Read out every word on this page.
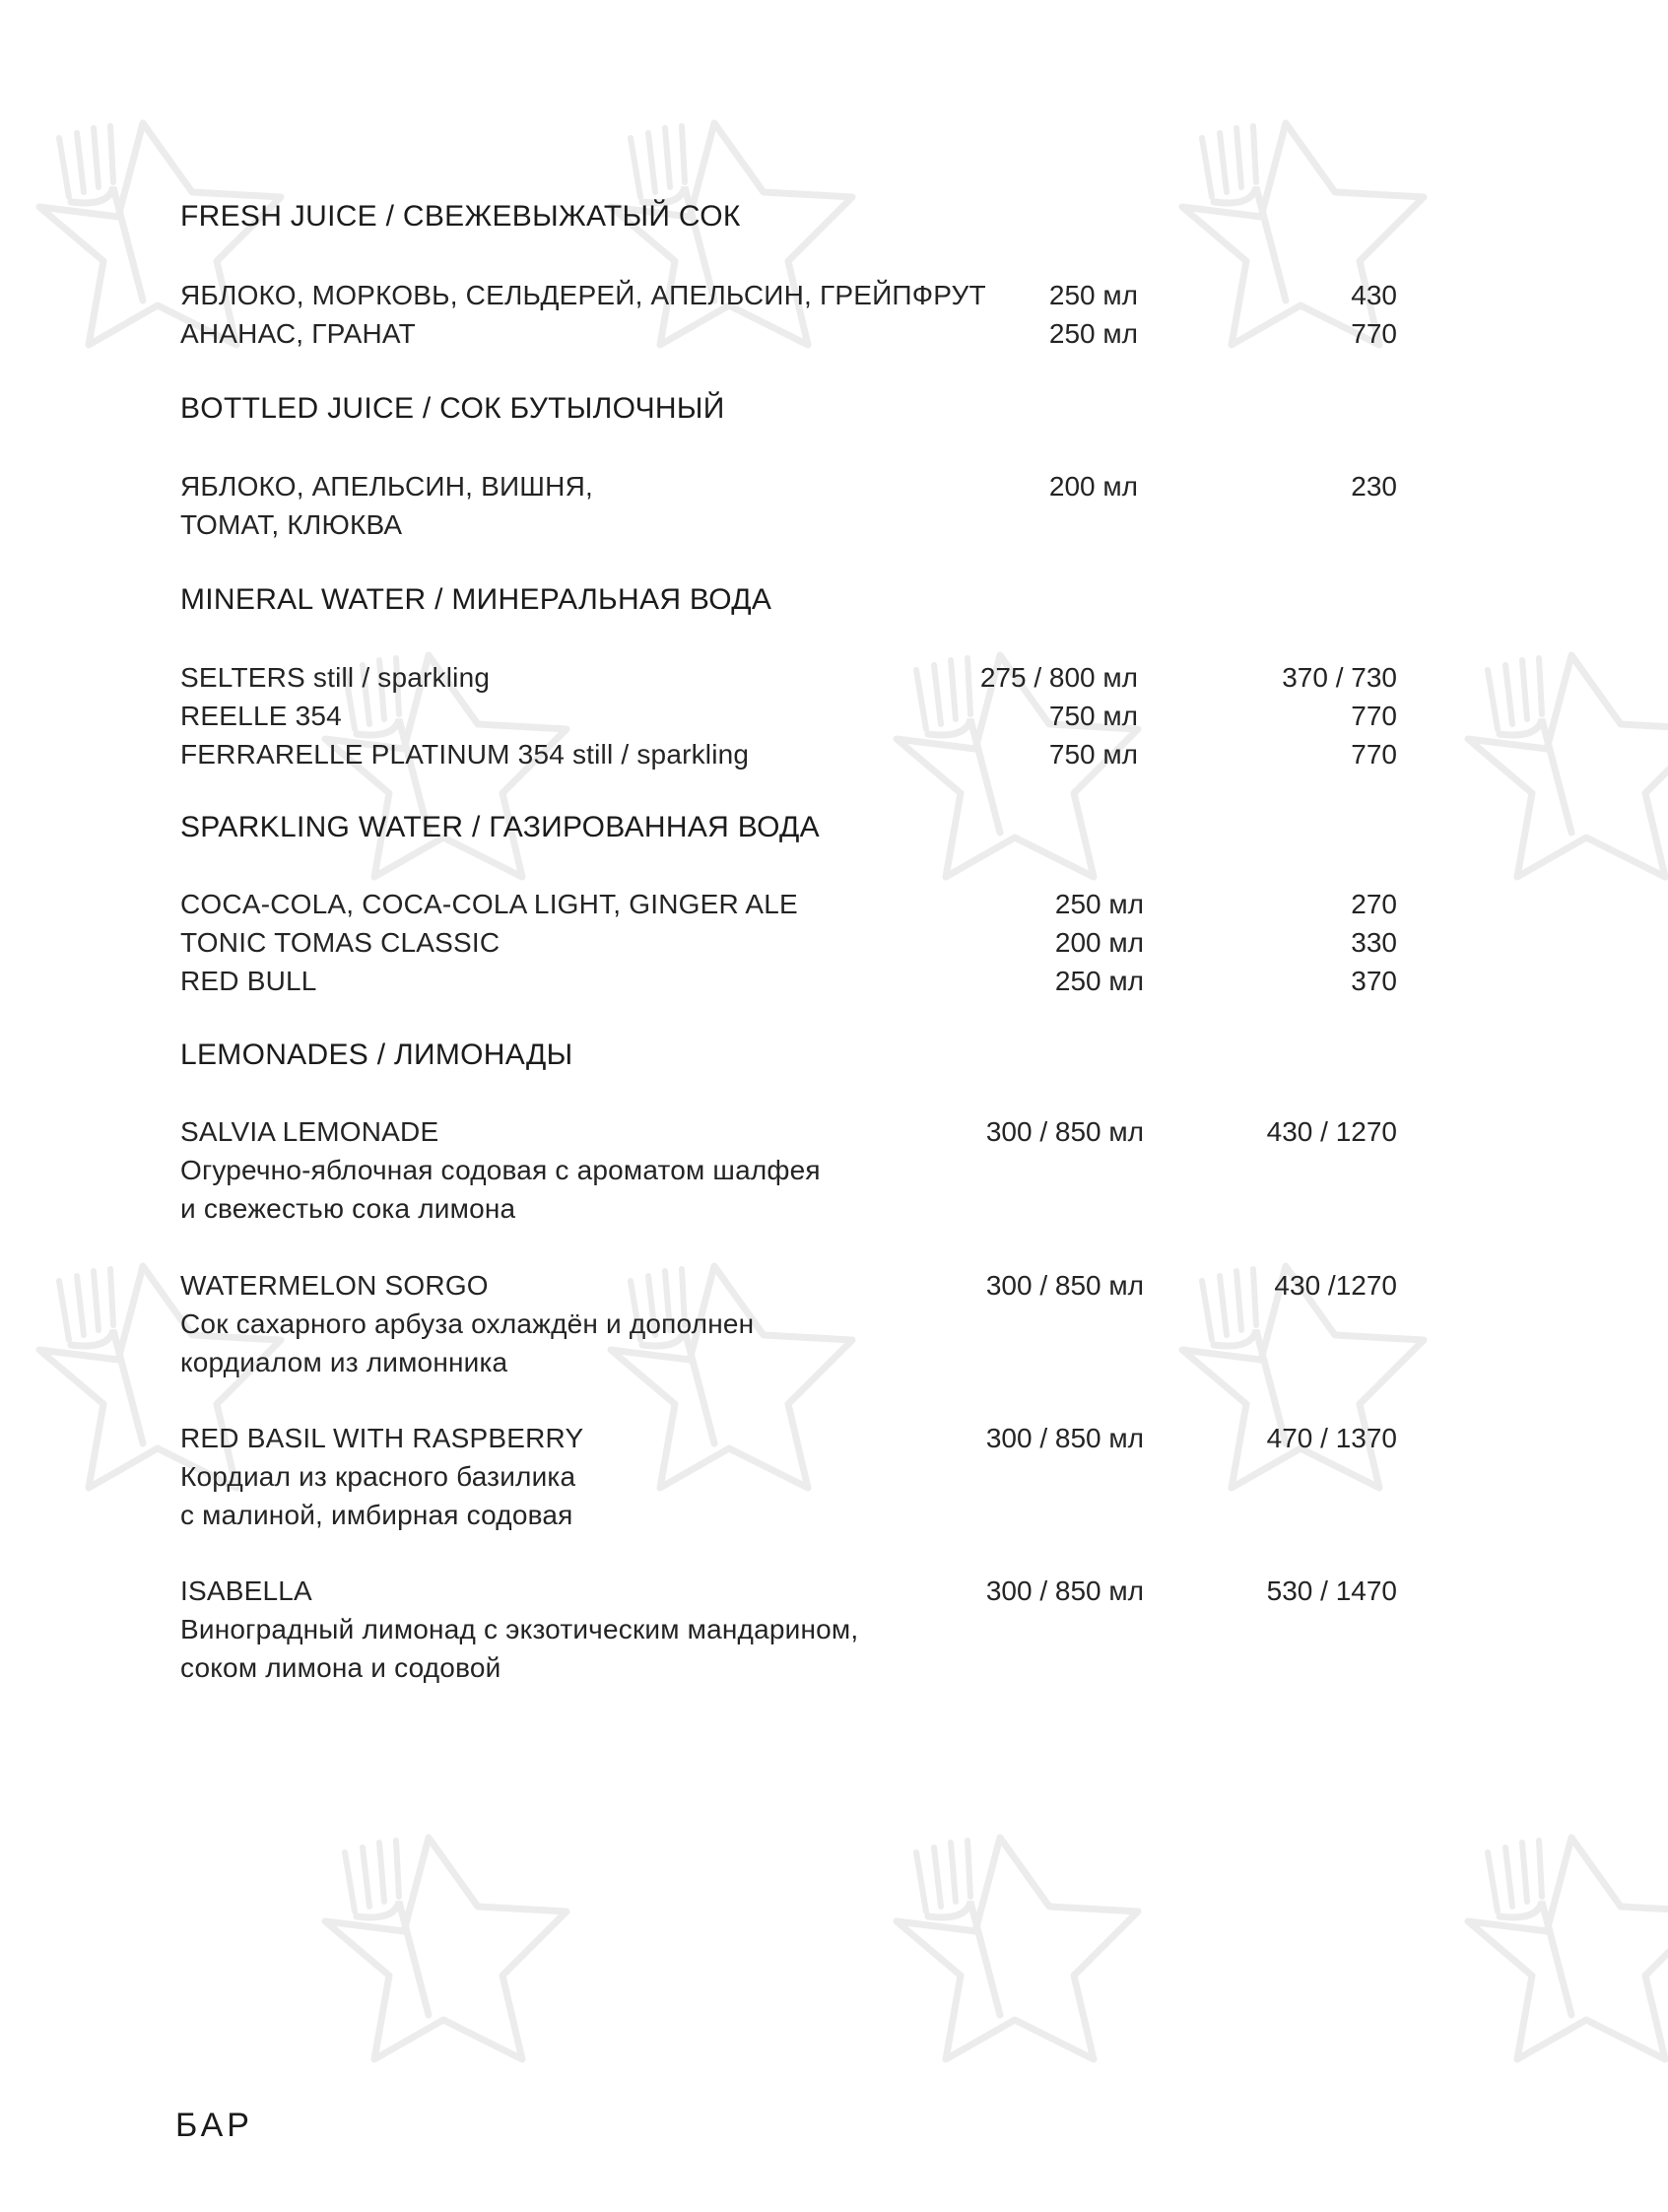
FRESH JUICE / СВЕЖЕВЫЖАТЫЙ СОК
ЯБЛОКО, МОРКОВЬ, СЕЛЬДЕРЕЙ, АПЕЛЬСИН, ГРЕЙПФРУТ 250 мл	430
АНАНАС, ГРАНАТ	250 мл	770
BOTTLED JUICE / СОК БУТЫЛОЧНЫЙ
ЯБЛОКО, АПЕЛЬСИН, ВИШНЯ,
ТОМАТ, КЛЮКВА
200 мл	230
MINERAL WATER / МИНЕРАЛЬНАЯ ВОДА
SELTERS still / sparkling	275 / 800 мл	370 / 730
REELLE 354	750 мл	770
FERRARELLE PLATINUM 354 still / sparkling	750 мл	770
SPARKLING WATER / ГАЗИРОВАННАЯ ВОДА
COCA-COLA, COCA-COLA LIGHT, GINGER ALE	250 мл	270
TONIC TOMAS CLASSIC	200 мл	330
RED BULL	250 мл	370
LEMONADES / ЛИМОНАДЫ
SALVIA LEMONADE
Огуречно-яблочная содовая с ароматом шалфея
и свежестью сока лимона
300 / 850 мл	430 / 1270
WATERMELON SORGO
Сок сахарного арбуза охлаждён и дополнен
кордиалом из лимонника
300 / 850 мл	430 /1270
RED BASIL WITH RASPBERRY
Кордиал из красного базилика
с малиной, имбирная содовая
300 / 850 мл	470 / 1370
ISABELLA
Виноградный лимонад с экзотическим мандарином,
соком лимона и содовой
300 / 850 мл	530 / 1470
БАР
